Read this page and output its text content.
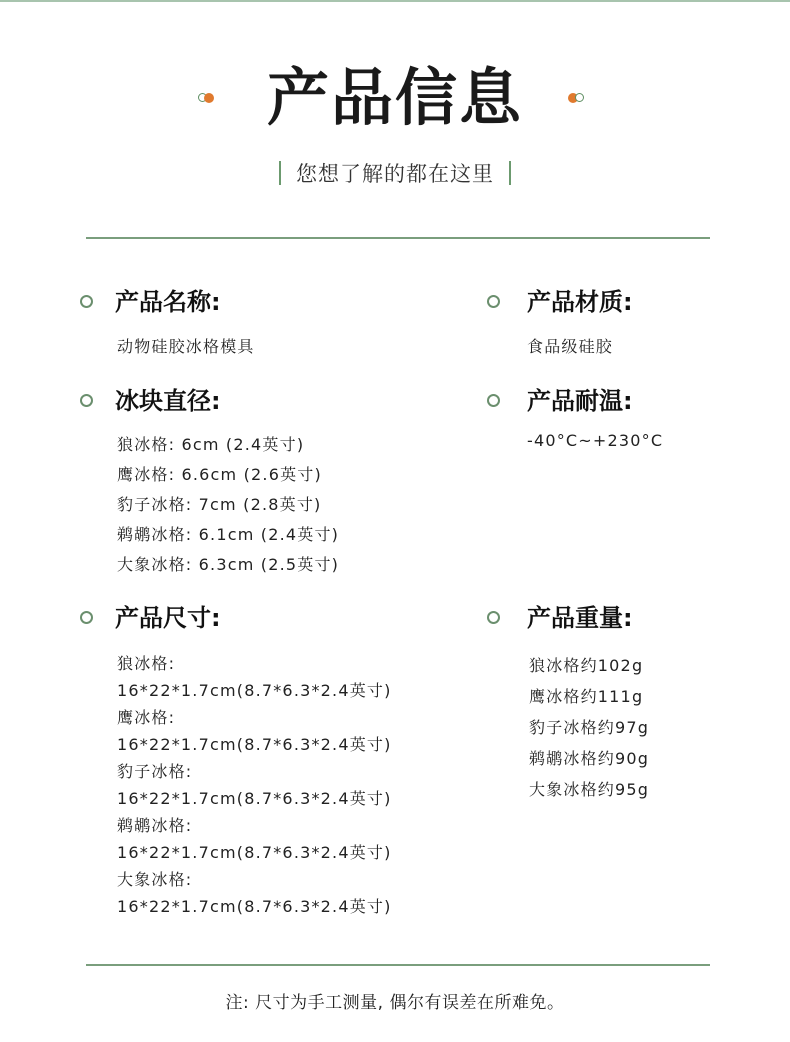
产品信息
您想了解的都在这里
产品名称:
动物硅胶冰格模具
产品材质:
食品级硅胶
冰块直径:
狼冰格: 6cm (2.4英寸)
鹰冰格: 6.6cm (2.6英寸)
豹子冰格: 7cm (2.8英寸)
鹈鹕冰格: 6.1cm (2.4英寸)
大象冰格: 6.3cm (2.5英寸)
产品耐温:
-40°C~+230°C
产品尺寸:
狼冰格:
16*22*1.7cm(8.7*6.3*2.4英寸)
鹰冰格:
16*22*1.7cm(8.7*6.3*2.4英寸)
豹子冰格:
16*22*1.7cm(8.7*6.3*2.4英寸)
鹈鹕冰格:
16*22*1.7cm(8.7*6.3*2.4英寸)
大象冰格:
16*22*1.7cm(8.7*6.3*2.4英寸)
产品重量:
狼冰格约102g
鹰冰格约111g
豹子冰格约97g
鹈鹕冰格约90g
大象冰格约95g
注: 尺寸为手工测量, 偶尔有误差在所难免。
